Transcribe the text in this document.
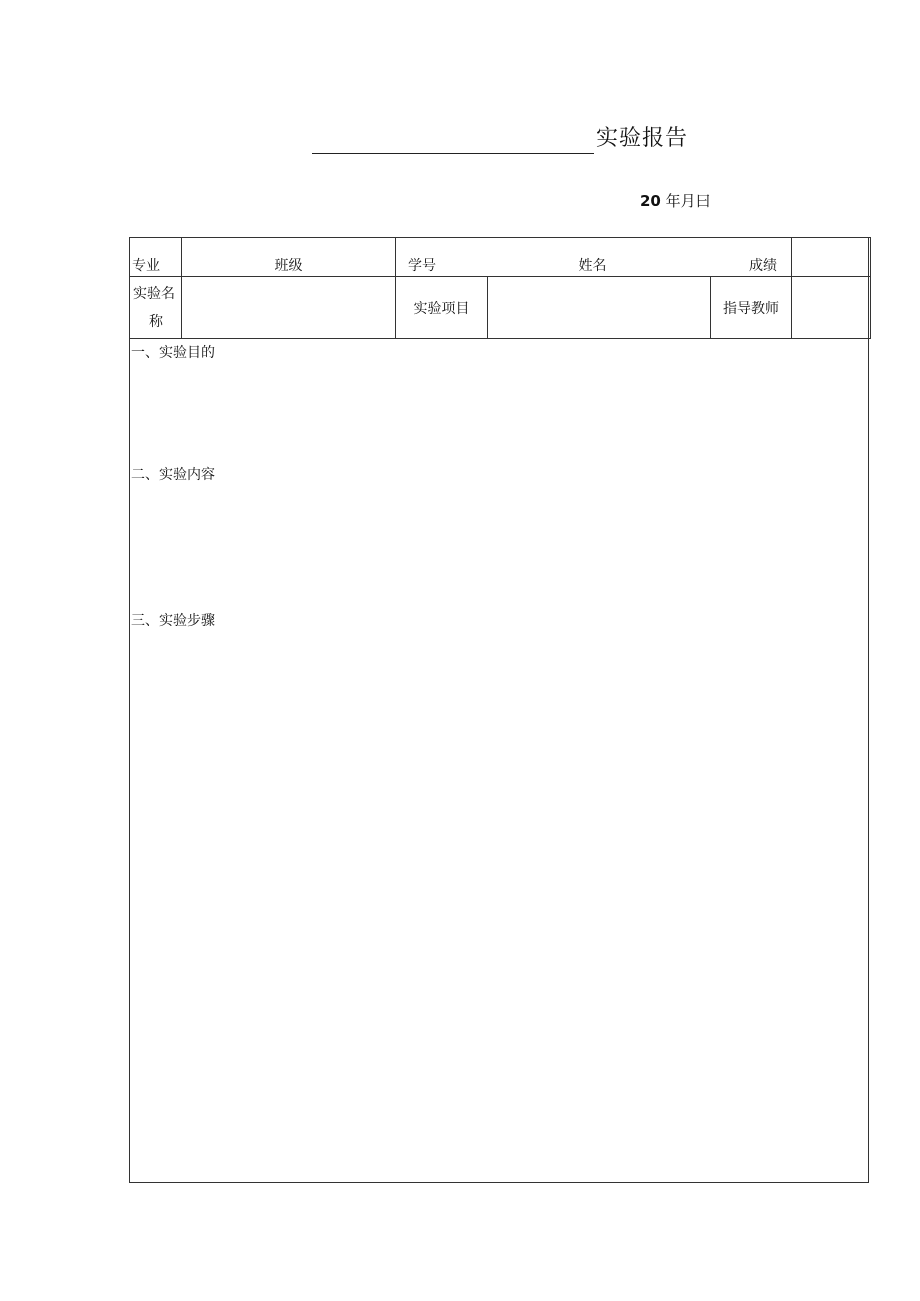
实验报告
20 年月曰
专业	班级	学号 姓名 成绩			

实验名
称		实验项目		指导教师	

一、实验目的
二、实验内容
三、实验步骤
